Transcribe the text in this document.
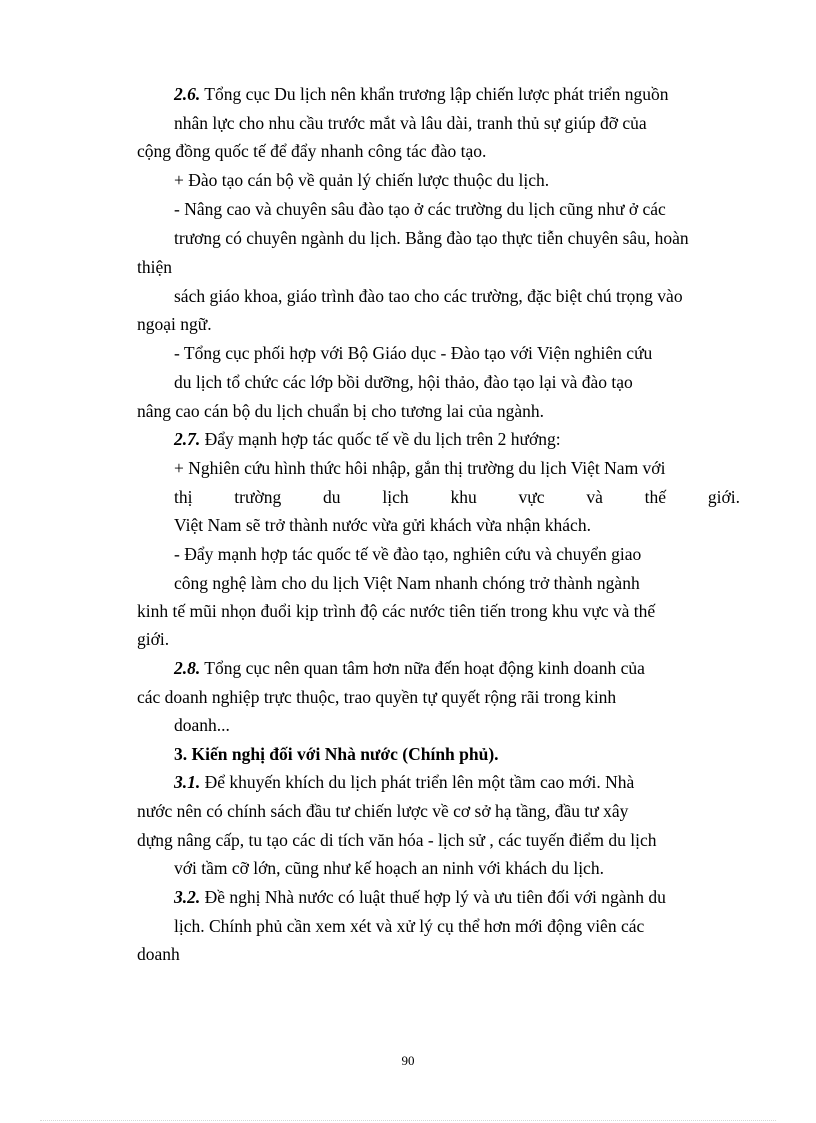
2.6. Tổng cục Du lịch nên khẩn trương lập chiến lược phát triển nguồn
nhân lực cho nhu cầu trước mắt và lâu dài, tranh thủ sự giúp đỡ của
cộng đồng quốc tế để đẩy nhanh công tác đào tạo.
+ Đào tạo cán bộ về quản lý chiến lược thuộc du lịch.
- Nâng cao và chuyên sâu đào tạo ở các trường du lịch cũng như ở các
trương có chuyên ngành du lịch. Bằng đào tạo thực tiễn chuyên sâu, hoàn
thiện
sách giáo khoa, giáo trình đào tao cho các trường, đặc biệt chú trọng vào
ngoại ngữ.
- Tổng cục phối hợp với Bộ Giáo dục - Đào tạo với Viện nghiên cứu
du lịch tổ chức các lớp bồi dưỡng, hội thảo, đào tạo lại và đào tạo
nâng cao cán bộ du lịch chuẩn bị cho tương lai của ngành.
2.7. Đẩy mạnh hợp tác quốc tế về du lịch trên 2 hướng:
+ Nghiên cứu hình thức hôi nhập, gắn thị trường du lịch Việt Nam với
thị trường du lịch khu vực và thế giới.
Việt Nam sẽ trở thành nước vừa gửi khách vừa nhận khách.
- Đẩy mạnh hợp tác quốc tế về đào tạo, nghiên cứu và chuyển giao
công nghệ làm cho du lịch Việt Nam nhanh chóng trở thành ngành
kinh tế mũi nhọn đuổi kịp trình độ các nước tiên tiến trong khu vực và thế
giới.
2.8. Tổng cục nên quan tâm hơn nữa đến hoạt động kinh doanh của
các doanh nghiệp trực thuộc, trao quyền tự quyết rộng rãi trong kinh
doanh...
3. Kiến nghị đối với Nhà nước (Chính phủ).
3.1. Để khuyến khích du lịch phát triển lên một tầm cao mới. Nhà
nước nên có chính sách đầu tư chiến lược về cơ sở hạ tầng, đầu tư xây
dựng nâng cấp, tu tạo các di tích văn hóa - lịch sử , các tuyến điểm du lịch
với tầm cỡ lớn, cũng như kế hoạch an ninh với khách du lịch.
3.2. Đề nghị Nhà nước có luật thuế hợp lý và ưu tiên đối với ngành du
lịch. Chính phủ cần xem xét và xử lý cụ thể hơn mới động viên các
doanh
90
